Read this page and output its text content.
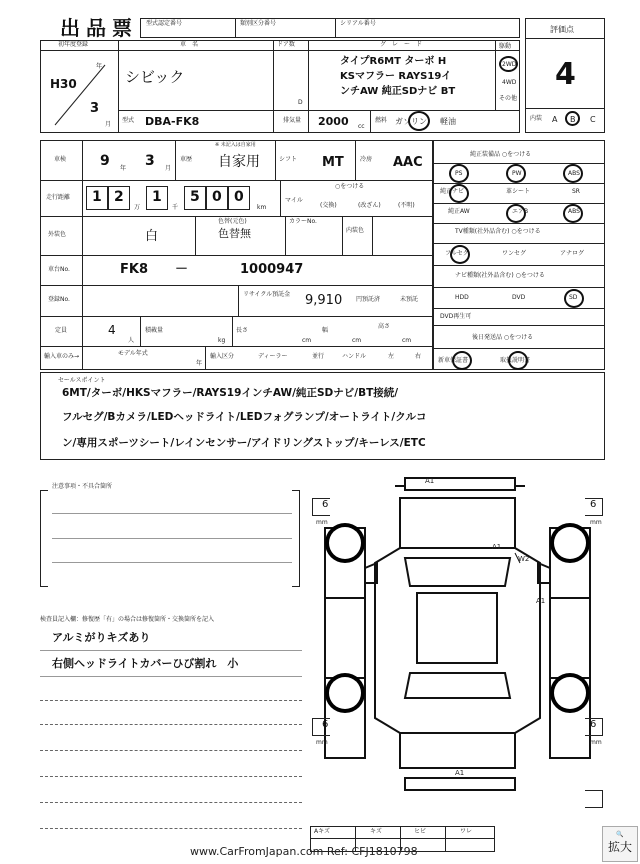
出品票 型式認定番号	類別区分番号	シリアル番号
評価点
4
内装 A B C
初年度登録
H30
年
3
月
車　名
シビック
型式 DBA-FK8
ドア数
D
グ　レ　ー　ド
タイプR6MT ターボ H
KSマフラー RAYS19イ
ンチAW 純正SDナビ BT
駆動
2WD
4WD
その他
排気量 2000 cc
燃料 ガソリン 軽油
車検 9 年 3 月
車歴
※ 未記入は自家用
自家用	シフト MT	冷房 AAC
走行距離 1 2
万
1
千
5 0 0
km
マイル
○をつける
(交換)	(改ざん)	(不明)
外装色	白
色替(元色)
色替無
カラーNo.
内装色
車台No.	FK8 －	1000947
登録No.
リサイクル預託金	9,910 円預託済	未預託
定員	4
人
積載量
kg
長さ
cm
幅
cm
高さ
cm
輸入車のみ→	モデル年式
年
輸入区分	ディーラー	並行	ハンドル	左	右
純正装備品 ○をつける
PS	PW	ABS
純正ナビ	革シート	SR
純正AW	エアB	ABS
TV種類(社外品含む) ○をつける
フルセグ	ワンセグ	アナログ
ナビ種類(社外品含む) ○をつける
HDD	DVD	SD
DVD再生可
後日発送品 ○をつける
新車保証書	取扱説明書
セールスポイント
6MT/ターボ/HKSマフラー/RAYS19インチAW/純正SDナビ/BT接続/
フルセグ/Bカメラ/LEDヘッドライト/LEDフォグランプ/オートライト/クルコ
ン/専用スポーツシート/レインセンサー/アイドリングストップ/キーレス/ETC
注意事項・不具合箇所
検査員記入欄：修復歴「有」の場合は修復箇所・交換箇所を記入
アルミがりキズあり
右側ヘッドライトカバーひび割れ　小
A1
A1
W2
A1
A1
6
mm
6
mm
6
mm
6
mm
Aキズ	キズ	ヒビ	ワレ
www.CarFromJapan.com Ref: CFJ1810798
🔍
拡大
